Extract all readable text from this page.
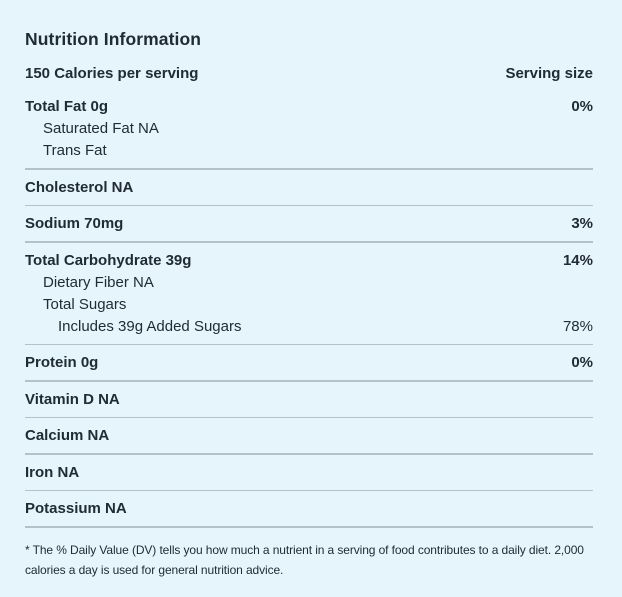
Nutrition Information
150 Calories per serving	Serving size
Total Fat 0g	0%
Saturated Fat NA
Trans Fat
Cholesterol NA
Sodium 70mg	3%
Total Carbohydrate 39g	14%
Dietary Fiber NA
Total Sugars
Includes 39g Added Sugars	78%
Protein 0g	0%
Vitamin D NA
Calcium NA
Iron NA
Potassium NA

* The % Daily Value (DV) tells you how much a nutrient in a serving of food contributes to a daily diet. 2,000 calories a day is used for general nutrition advice.
